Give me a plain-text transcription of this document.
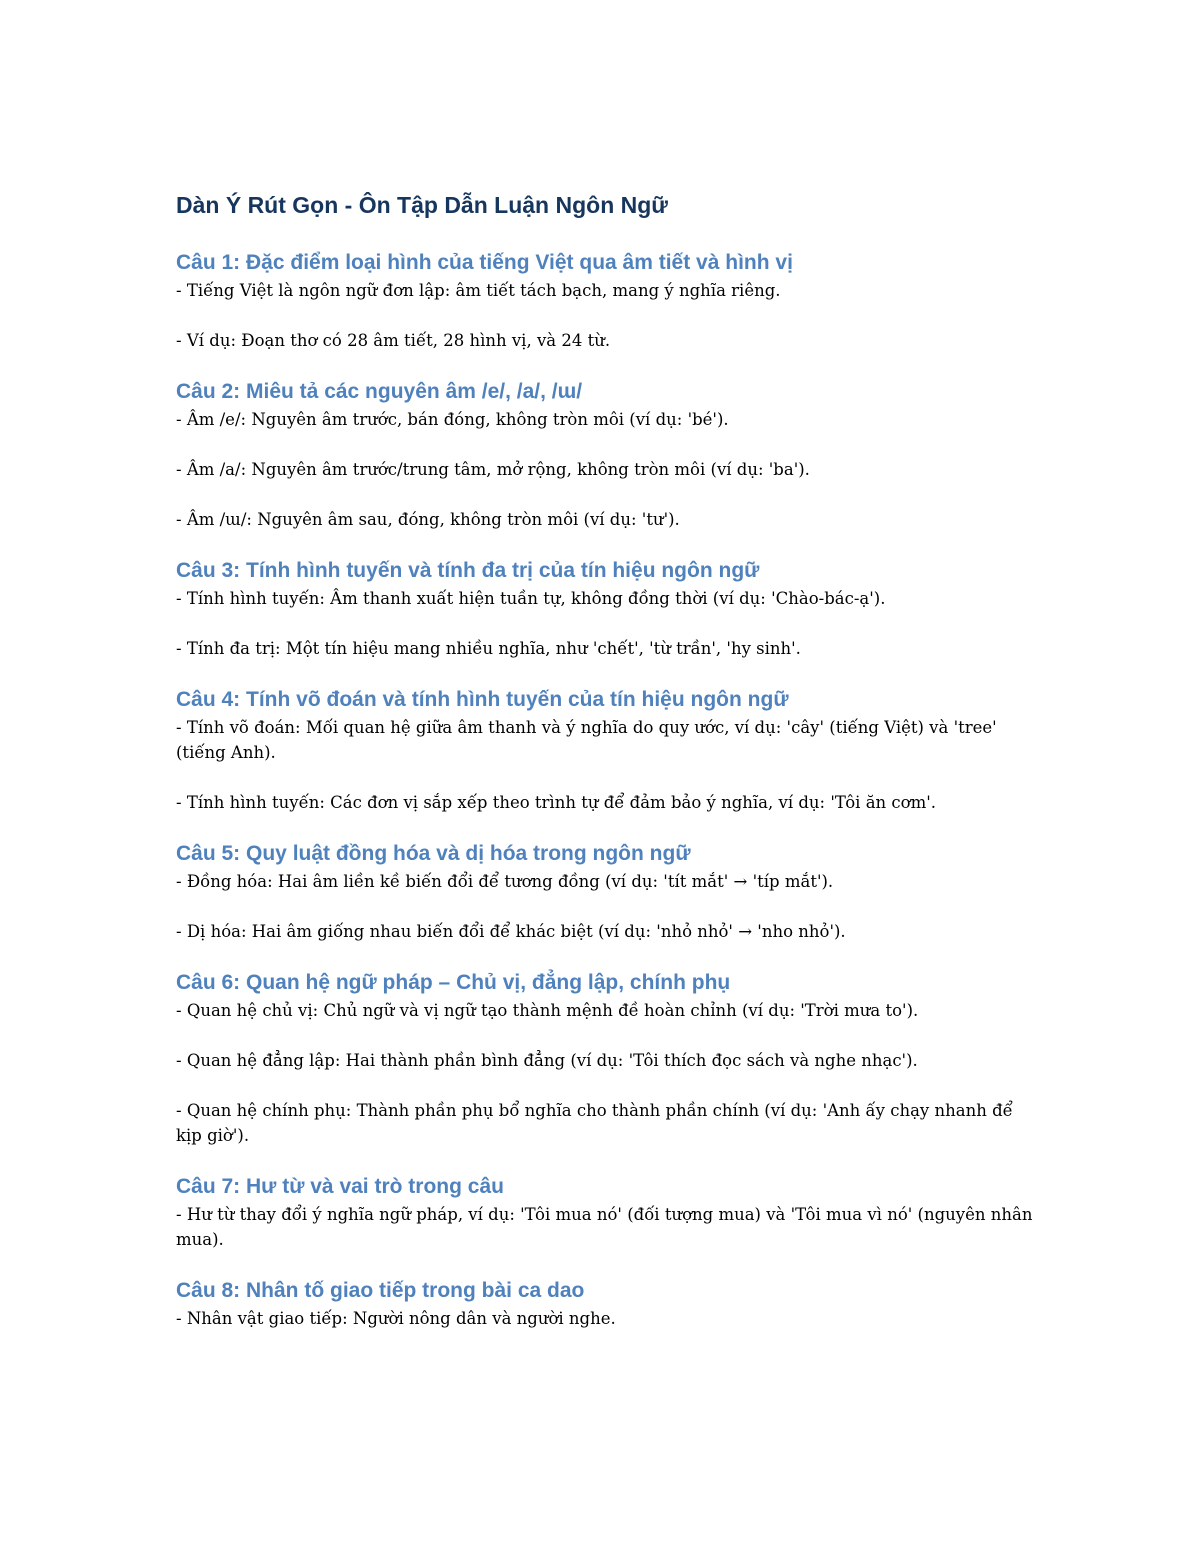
Dàn Ý Rút Gọn - Ôn Tập Dẫn Luận Ngôn Ngữ
Câu 1: Đặc điểm loại hình của tiếng Việt qua âm tiết và hình vị

- Tiếng Việt là ngôn ngữ đơn lập: âm tiết tách bạch, mang ý nghĩa riêng.

- Ví dụ: Đoạn thơ có 28 âm tiết, 28 hình vị, và 24 từ.

Câu 2: Miêu tả các nguyên âm /e/, /a/, /ɯ/

- Âm /e/: Nguyên âm trước, bán đóng, không tròn môi (ví dụ: 'bé').

- Âm /a/: Nguyên âm trước/trung tâm, mở rộng, không tròn môi (ví dụ: 'ba').

- Âm /ɯ/: Nguyên âm sau, đóng, không tròn môi (ví dụ: 'tư').

Câu 3: Tính hình tuyến và tính đa trị của tín hiệu ngôn ngữ

- Tính hình tuyến: Âm thanh xuất hiện tuần tự, không đồng thời (ví dụ: 'Chào-bác-ạ').

- Tính đa trị: Một tín hiệu mang nhiều nghĩa, như 'chết', 'từ trần', 'hy sinh'.

Câu 4: Tính võ đoán và tính hình tuyến của tín hiệu ngôn ngữ

- Tính võ đoán: Mối quan hệ giữa âm thanh và ý nghĩa do quy ước, ví dụ: 'cây' (tiếng Việt) và 'tree' (tiếng Anh).

- Tính hình tuyến: Các đơn vị sắp xếp theo trình tự để đảm bảo ý nghĩa, ví dụ: 'Tôi ăn cơm'.

Câu 5: Quy luật đồng hóa và dị hóa trong ngôn ngữ

- Đồng hóa: Hai âm liền kề biến đổi để tương đồng (ví dụ: 'tít mắt' → 'típ mắt').

- Dị hóa: Hai âm giống nhau biến đổi để khác biệt (ví dụ: 'nhỏ nhỏ' → 'nho nhỏ').

Câu 6: Quan hệ ngữ pháp – Chủ vị, đẳng lập, chính phụ

- Quan hệ chủ vị: Chủ ngữ và vị ngữ tạo thành mệnh đề hoàn chỉnh (ví dụ: 'Trời mưa to').

- Quan hệ đẳng lập: Hai thành phần bình đẳng (ví dụ: 'Tôi thích đọc sách và nghe nhạc').

- Quan hệ chính phụ: Thành phần phụ bổ nghĩa cho thành phần chính (ví dụ: 'Anh ấy chạy nhanh để kịp giờ').

Câu 7: Hư từ và vai trò trong câu

- Hư từ thay đổi ý nghĩa ngữ pháp, ví dụ: 'Tôi mua nó' (đối tượng mua) và 'Tôi mua vì nó' (nguyên nhân mua).

Câu 8: Nhân tố giao tiếp trong bài ca dao

- Nhân vật giao tiếp: Người nông dân và người nghe.
